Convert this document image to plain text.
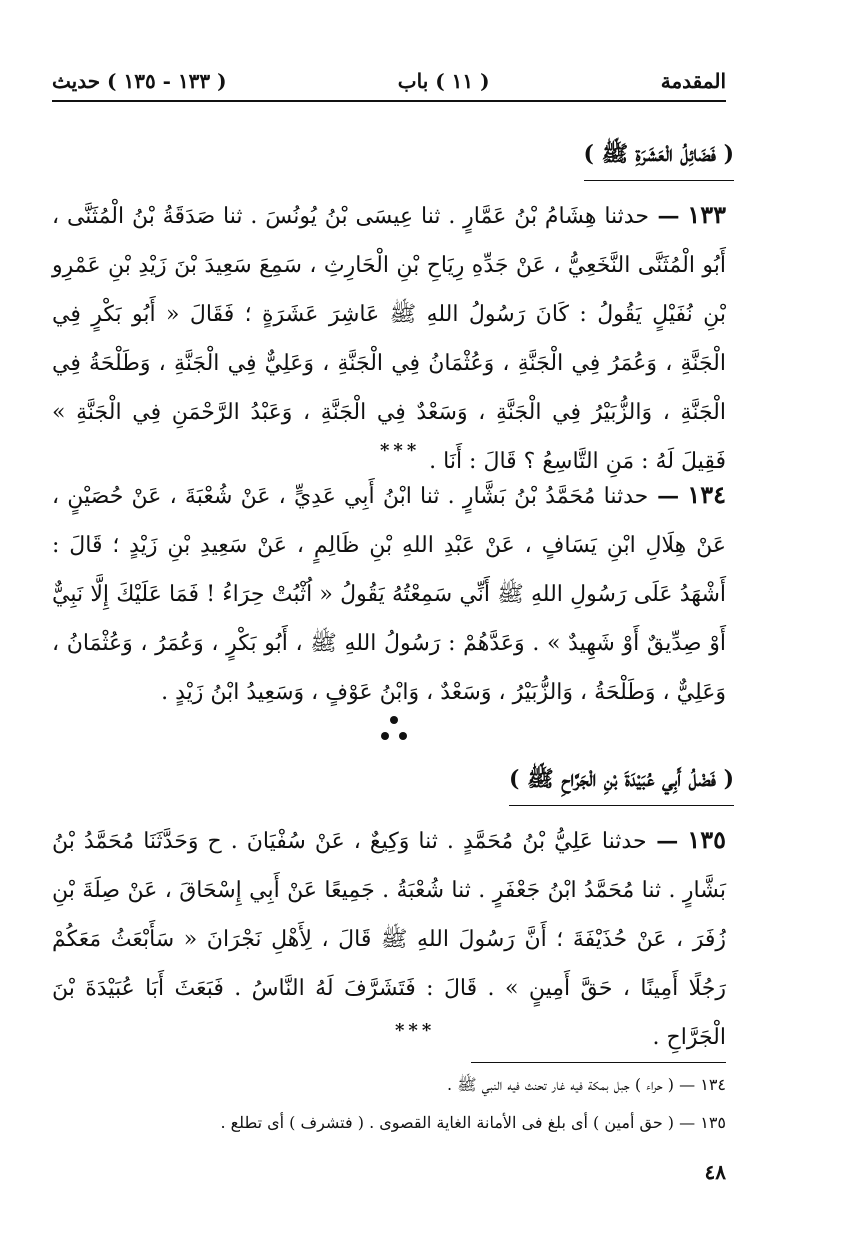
المقدمة
( ١١ ) باب
( ١٣٣ - ١٣٥ ) حديث
( فَضَائِلُ الْعَشَرَةِ ﷺ )
١٣٣ — حدثنا هِشَامُ بْنُ عَمَّارٍ . ثنا عِيسَى بْنُ يُونُسَ . ثنا صَدَقَةُ بْنُ الْمُثَنَّى ، أَبُو الْمُثَنَّى النَّخَعِيُّ ، عَنْ جَدِّهِ رِيَاحِ بْنِ الْحَارِثِ ، سَمِعَ سَعِيدَ بْنَ زَيْدِ بْنِ عَمْرِو بْنِ نُفَيْلٍ يَقُولُ : كَانَ رَسُولُ اللهِ ﷺ عَاشِرَ عَشَرَةٍ ؛ فَقَالَ « أَبُو بَكْرٍ فِي الْجَنَّةِ ، وَعُمَرُ فِي الْجَنَّةِ ، وَعُثْمَانُ فِي الْجَنَّةِ ، وَعَلِيٌّ فِي الْجَنَّةِ ، وَطَلْحَةُ فِي الْجَنَّةِ ، وَالزُّبَيْرُ فِي الْجَنَّةِ ، وَسَعْدٌ فِي الْجَنَّةِ ، وَعَبْدُ الرَّحْمَنِ فِي الْجَنَّةِ » فَقِيلَ لَهُ : مَنِ التَّاسِعُ ؟ قَالَ : أَنَا .
***
١٣٤ — حدثنا مُحَمَّدُ بْنُ بَشَّارٍ . ثنا ابْنُ أَبِي عَدِيٍّ ، عَنْ شُعْبَةَ ، عَنْ حُصَيْنٍ ، عَنْ هِلَالِ ابْنِ يَسَافٍ ، عَنْ عَبْدِ اللهِ بْنِ ظَالِمٍ ، عَنْ سَعِيدِ بْنِ زَيْدٍ ؛ قَالَ : أَشْهَدُ عَلَى رَسُولِ اللهِ ﷺ أَنِّي سَمِعْتُهُ يَقُولُ « اُثْبُتْ حِرَاءُ ! فَمَا عَلَيْكَ إِلَّا نَبِيٌّ أَوْ صِدِّيقٌ أَوْ شَهِيدٌ » . وَعَدَّهُمْ : رَسُولُ اللهِ ﷺ ، أَبُو بَكْرٍ ، وَعُمَرُ ، وَعُثْمَانُ ، وَعَلِيٌّ ، وَطَلْحَةُ ، وَالزُّبَيْرُ ، وَسَعْدٌ ، وَابْنُ عَوْفٍ ، وَسَعِيدُ ابْنُ زَيْدٍ .
( فَضْلُ أَبِي عُبَيْدَةَ بْنِ الْجَرَّاحِ ﷺ )
١٣٥ — حدثنا عَلِيُّ بْنُ مُحَمَّدٍ . ثنا وَكِيعٌ ، عَنْ سُفْيَانَ . ح وَحَدَّثَنَا مُحَمَّدُ بْنُ بَشَّارٍ . ثنا مُحَمَّدُ ابْنُ جَعْفَرٍ . ثنا شُعْبَةُ . جَمِيعًا عَنْ أَبِي إِسْحَاقَ ، عَنْ صِلَةَ بْنِ زُفَرَ ، عَنْ حُذَيْفَةَ ؛ أَنَّ رَسُولَ اللهِ ﷺ قَالَ ، لِأَهْلِ نَجْرَانَ « سَأَبْعَثُ مَعَكُمْ رَجُلًا أَمِينًا ، حَقَّ أَمِينٍ » . قَالَ : فَتَشَرَّفَ لَهُ النَّاسُ . فَبَعَثَ أَبَا عُبَيْدَةَ بْنَ الْجَرَّاحِ .
***
١٣٤ — ( حراء ) جبل بمكة فيه غار تحنث فيه النبي ﷺ .
١٣٥ — ( حق أمين ) أى بلغ فى الأمانة الغاية القصوى . ( فتشرف ) أى تطلع .
٤٨
